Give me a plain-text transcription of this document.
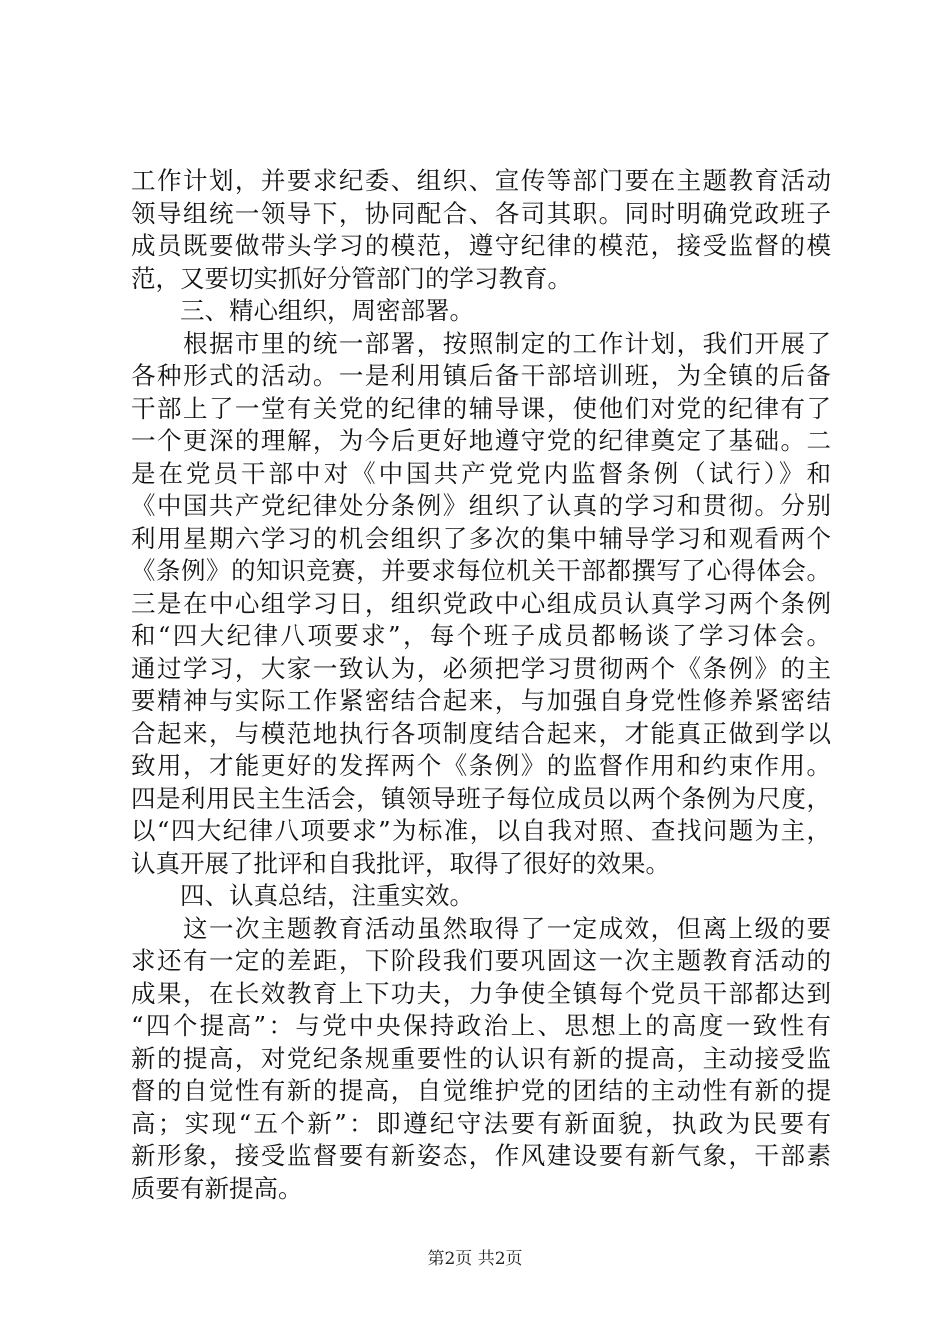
工作计划，并要求纪委、组织、宣传等部门要在主题教育活动
领导组统一领导下，协同配合、各司其职。同时明确党政班子
成员既要做带头学习的模范，遵守纪律的模范，接受监督的模
范，又要切实抓好分管部门的学习教育。
　　三、精心组织，周密部署。
　　根据市里的统一部署，按照制定的工作计划，我们开展了
各种形式的活动。一是利用镇后备干部培训班，为全镇的后备
干部上了一堂有关党的纪律的辅导课，使他们对党的纪律有了
一个更深的理解，为今后更好地遵守党的纪律奠定了基础。二
是在党员干部中对《中国共产党党内监督条例（试行）》和
《中国共产党纪律处分条例》组织了认真的学习和贯彻。分别
利用星期六学习的机会组织了多次的集中辅导学习和观看两个
《条例》的知识竞赛，并要求每位机关干部都撰写了心得体会。
三是在中心组学习日，组织党政中心组成员认真学习两个条例
和“四大纪律八项要求”，每个班子成员都畅谈了学习体会。
通过学习，大家一致认为，必须把学习贯彻两个《条例》的主
要精神与实际工作紧密结合起来，与加强自身党性修养紧密结
合起来，与模范地执行各项制度结合起来，才能真正做到学以
致用，才能更好的发挥两个《条例》的监督作用和约束作用。
四是利用民主生活会，镇领导班子每位成员以两个条例为尺度，
以“四大纪律八项要求”为标准，以自我对照、查找问题为主，
认真开展了批评和自我批评，取得了很好的效果。
　　四、认真总结，注重实效。
　　这一次主题教育活动虽然取得了一定成效，但离上级的要
求还有一定的差距，下阶段我们要巩固这一次主题教育活动的
成果，在长效教育上下功夫，力争使全镇每个党员干部都达到
“四个提高”：与党中央保持政治上、思想上的高度一致性有
新的提高，对党纪条规重要性的认识有新的提高，主动接受监
督的自觉性有新的提高，自觉维护党的团结的主动性有新的提
高；实现“五个新”：即遵纪守法要有新面貌，执政为民要有
新形象，接受监督要有新姿态，作风建设要有新气象，干部素
质要有新提高。
第2页 共2页
